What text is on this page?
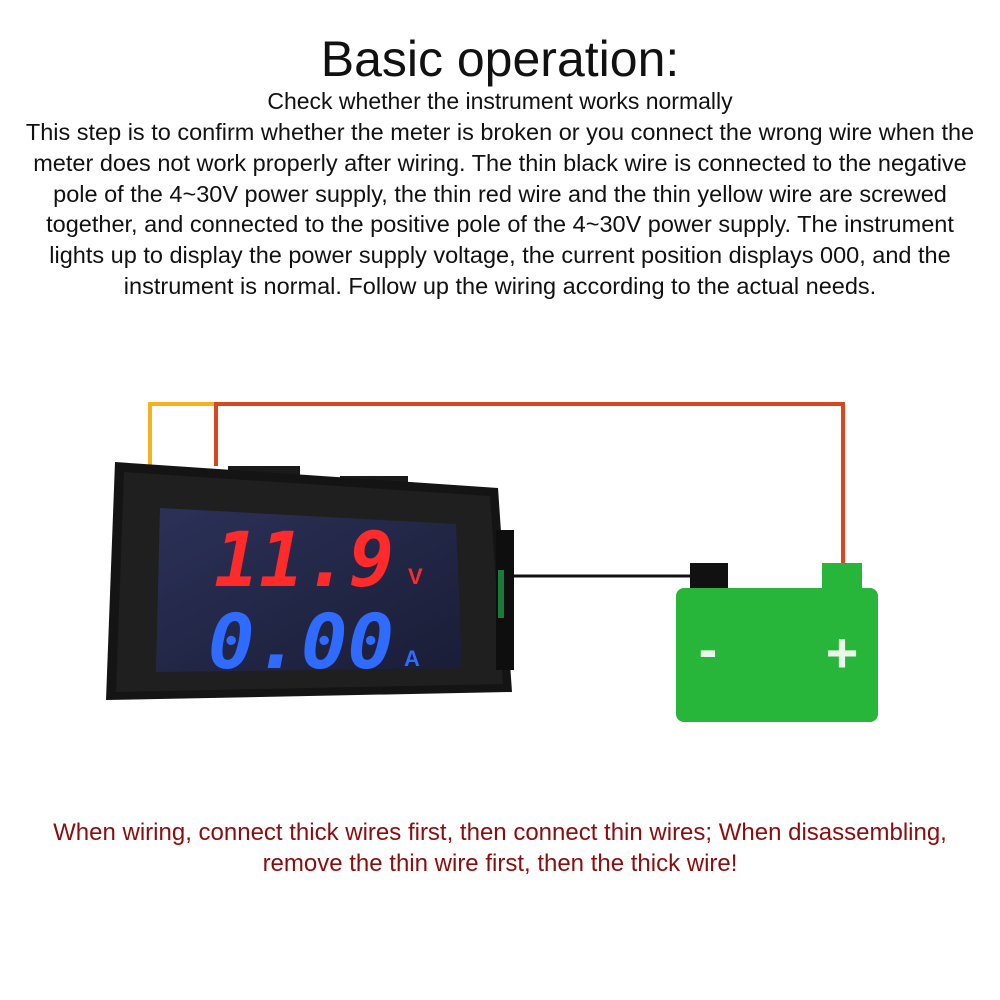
Basic operation:
Check whether the instrument works normally
This step is to confirm whether the meter is broken or you connect the wrong wire when the meter does not work properly after wiring. The thin black wire is connected to the negative pole of the 4~30V power supply, the thin red wire and the thin yellow wire are screwed together, and connected to the positive pole of the 4~30V power supply. The instrument lights up to display the power supply voltage, the current position displays 000, and the instrument is normal. Follow up the wiring according to the actual needs.
11.9 V
0.00 A	- +
When wiring, connect thick wires first, then connect thin wires; When disassembling, remove the thin wire first, then the thick wire!
